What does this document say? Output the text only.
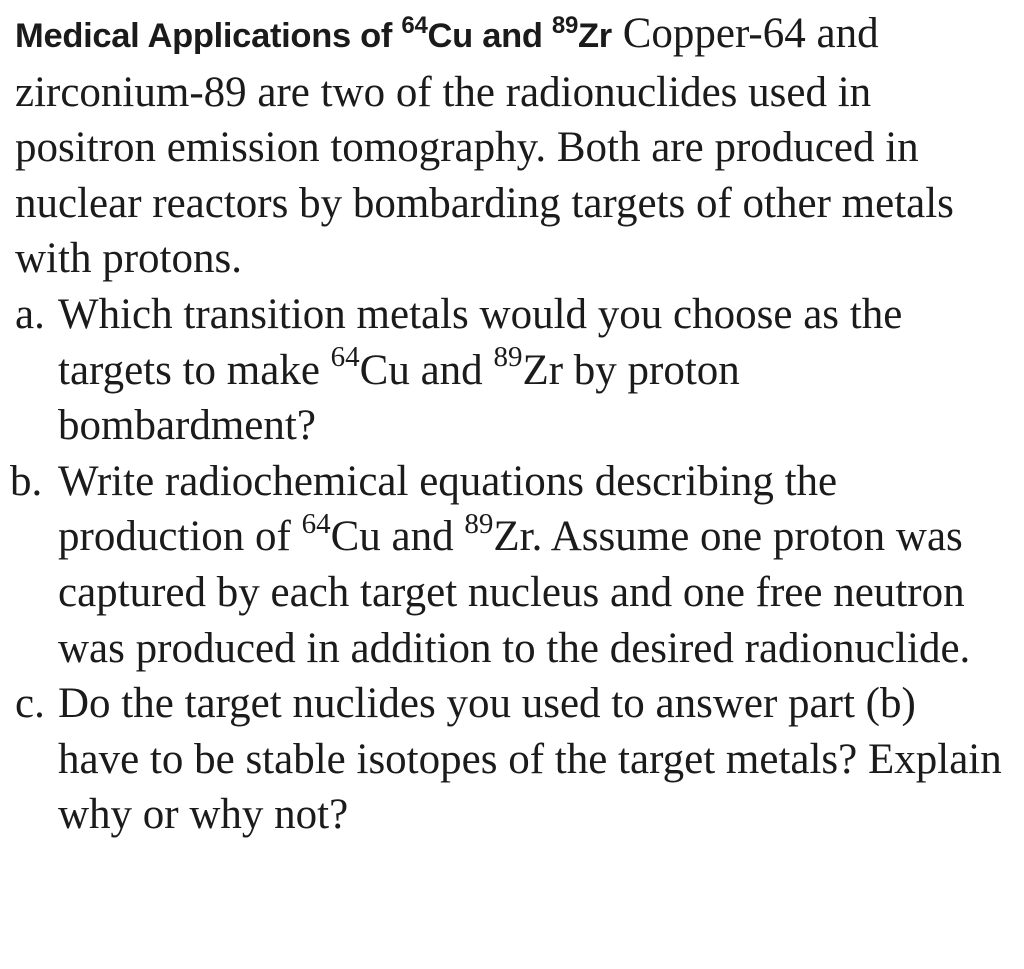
Medical Applications of $^{64}$Cu and $^{89}$Zr Copper-64 and zirconium-89 are two of the radionuclides used in positron emission tomography. Both are produced in nuclear reactors by bombarding targets of other metals with protons.

a. Which transition metals would you choose as the targets to make $^{64}$Cu and $^{89}$Zr by proton bombardment?

b. Write radiochemical equations describing the production of $^{64}$Cu and $^{89}$Zr. Assume one proton was captured by each target nucleus and one free neutron was produced in addition to the desired radionuclide.

c. Do the target nuclides you used to answer part (b) have to be stable isotopes of the target metals? Explain why or why not?
